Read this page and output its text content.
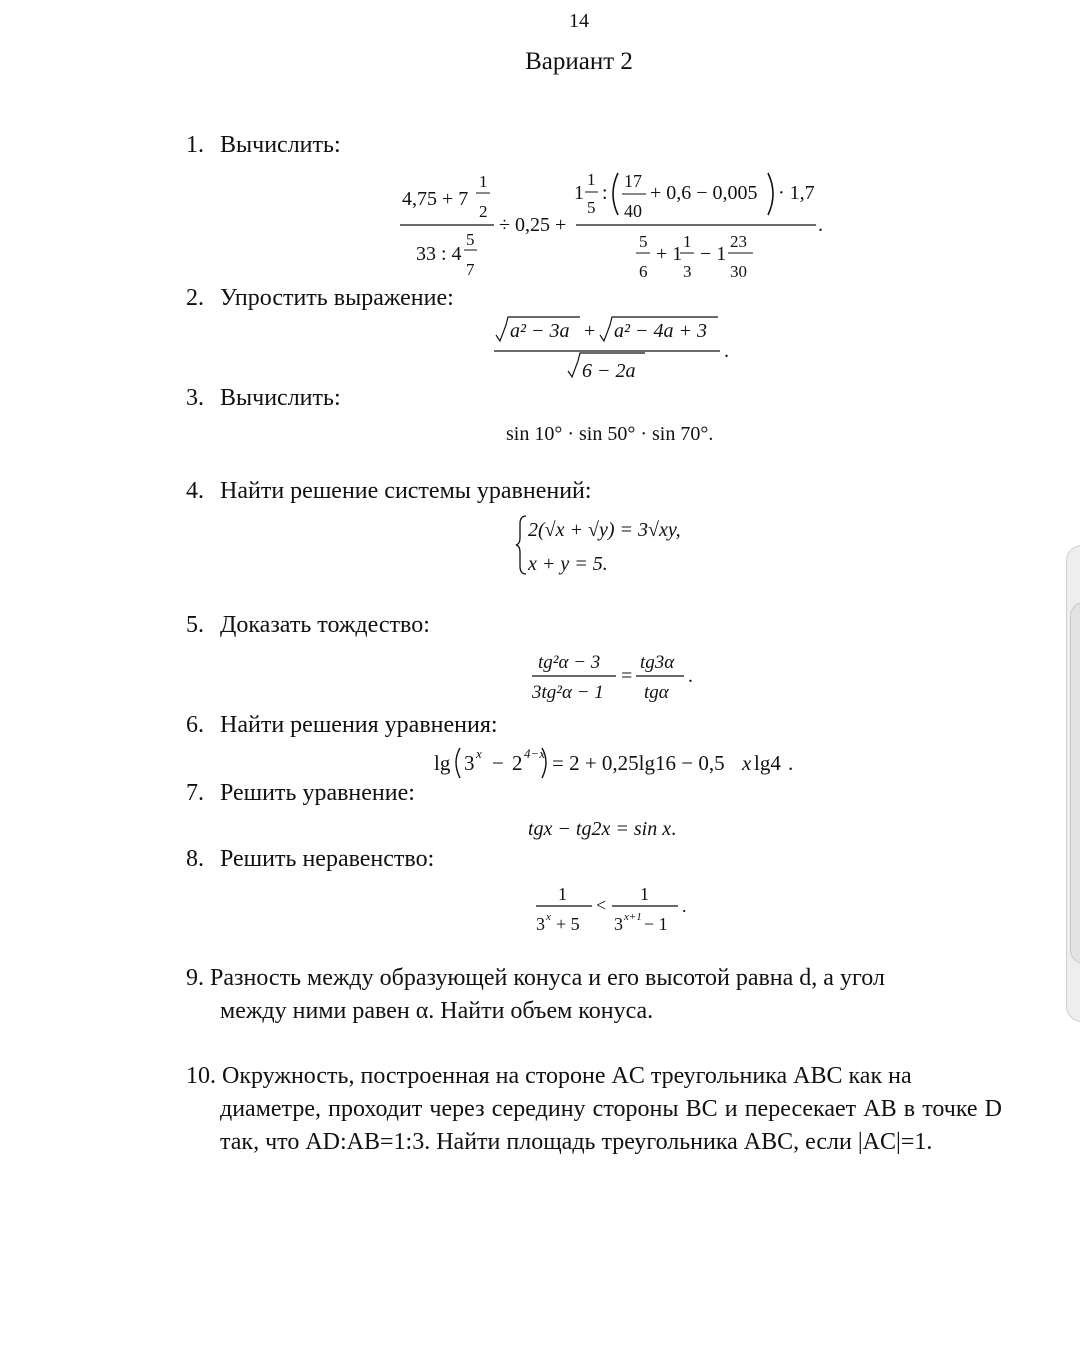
14
Вариант 2
1. Вычислить:
4,75 + 7
1
2
33 : 4
5
7
÷ 0,25 +
1
1
5
:
17
40
+ 0,6 − 0,005 · 1,7
5
6
+ 1
1
3
− 1
23
30
.
2. Упростить выражение:
a² − 3a + a² − 4a + 3
6 − 2a
.
3. Вычислить:
sin 10° · sin 50° · sin 70°.
4. Найти решение системы уравнений:
2(√x + √y) = 3√xy,
x + y = 5.
5. Доказать тождество:
tg²α − 3
3tg²α − 1
=
tg3α
tgα
.
6. Найти решения уравнения:
lg 3 x − 2 4−x = 2 + 0,25lg16 − 0,5 x lg4 .
7. Решить уравнение:
tgx − tg2x = sin x.
8. Решить неравенство:
1
3 x + 5
<
1
3 x+1 − 1
.
9. Разность между образующей конуса и его высотой равна d, а угол
между ними равен α. Найти объем конуса.
10. Окружность, построенная на стороне AC треугольника ABC как на
диаметре, проходит через середину стороны BC и пересекает AB в точке D так, что AD:AB=1:3. Найти площадь треугольника ABC, если |AC|=1.
